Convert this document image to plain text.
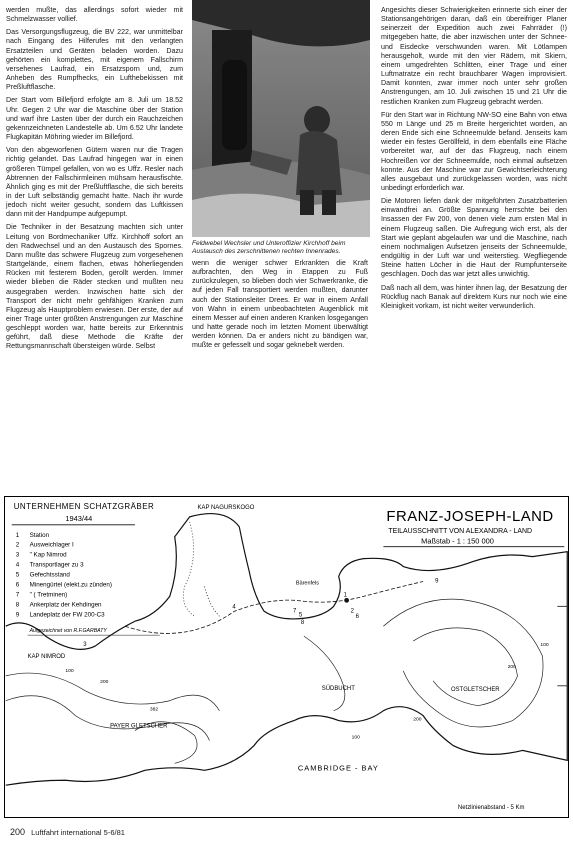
werden mußte, das allerdings sofort wieder mit Schmelzwasser vollief.

Das Versorgungsflugzeug, die BV 222, war unmittelbar nach Eingang des Hilferufes mit den verlangten Ersatzteilen und Geräten beladen worden. Dazu gehörten ein komplettes, mit eigenem Fallschirm versehenes Laufrad, ein Ersatzsporn und, zum Anheben des Rumpfhecks, ein Lufthebekissen mit Preßluftflasche.

Der Start vom Billefjord erfolgte am 8. Juli um 18.52 Uhr. Gegen 2 Uhr war die Maschine über der Station und warf ihre Lasten über der durch ein Rauchzeichen gekennzeichneten Landestelle ab. Um 6.52 Uhr landete Flugkapitän Möhring wieder im Billefjord.

Von den abgeworfenen Gütern waren nur die Tragen richtig gelandet. Das Laufrad hingegen war in einen größeren Tümpel gefallen, von wo es Uffz. Resler nach Abtrennen der Fallschirmleinen mühsam herausfischte. Ähnlich ging es mit der Preßluftflasche, die sich bereits in der Luft selbständig gemacht hatte. Nach ihr wurde jedoch nicht weiter gesucht, sondern das Luftkissen dann mit der Handpumpe aufgepumpt.

Die Techniker in der Besatzung machten sich unter Leitung von Bordmechaniker Uffz. Kirchhoff sofort an den Radwechsel und an den Austausch des Spornes. Dann mußte das schwere Flugzeug zum vorgesehenen Startgelände, einem flachen, etwas höherliegenden Rücken mit festerem Boden, gerollt werden. Immer wieder blieben die Räder stecken und mußten neu ausgegraben werden. Inzwischen hatte sich der Transport der nicht mehr gehfähigen Kranken zum Flugzeug als Hauptproblem erwiesen. Der erste, der auf einer Trage unter größten Anstrengungen zur Maschine geschleppt worden war, hatte bereits zur Erkenntnis geführt, daß diese Methode die Kräfte der Rettungsmannschaft übersteigen würde. Selbst

Feldwebel Wechsler und Unteroffizier Kirchhoff beim Austausch des zerschnittenen rechten Innenrades.

wenn die weniger schwer Erkrankten die Kraft aufbrachten, den Weg in Etappen zu Fuß zurückzulegen, so blieben doch vier Schwerkranke, die auf jeden Fall transportiert werden mußten, darunter auch der Stationsleiter Drees. Er war in einem Anfall von Wahn in einem unbeobachteten Augenblick mit einem Messer auf einen anderen Kranken losgegangen und hatte gerade noch im letzten Moment überwältigt werden können. Da er anders nicht zu bändigen war, mußte er gefesselt und sogar geknebelt werden.

Angesichts dieser Schwierigkeiten erinnerte sich einer der Stationsangehörigen daran, daß ein übereifriger Planer seinerzeit der Expedition auch zwei Fahrräder (!) mitgegeben hatte, die aber inzwischen unter der Schnee- und Eisdecke verschwunden waren. Mit Lötlampen herausgeholt, wurde mit den vier Rädern, mit Skiern, einem umgedrehten Schlitten, einer Trage und einer Luftmatratze ein recht brauchbarer Wagen improvisiert. Damit konnten, zwar immer noch unter sehr großen Anstrengungen, am 10. Juli zwischen 15 und 21 Uhr die restlichen Kranken zum Flugzeug gebracht werden.

Für den Start war in Richtung NW-SO eine Bahn von etwa 550 m Länge und 25 m Breite hergerichtet worden, an deren Ende sich eine Schneemulde befand. Jenseits kam wieder ein festes Geröllfeld, in dem ebenfalls eine Fläche vorbereitet war, auf der das Flugzeug, nach einem Hochreißen vor der Schneemulde, noch einmal aufsetzen konnte. Aus der Maschine war zur Gewichtserleichterung alles ausgebaut und zurückgelassen worden, was nicht unbedingt erforderlich war.

Die Motoren liefen dank der mitgeführten Zusatzbatterien einwandfrei an. Größte Spannung herrschte bei den Insassen der Fw 200, von denen viele zum ersten Mal in einem Flugzeug saßen. Die Aufregung wich erst, als der Start wie geplant abgelaufen war und die Maschine, nach einem nochmaligen Aufsetzen jenseits der Schneemulde, endgültig in der Luft war und weiterstieg. Wegfliegende Steine hatten Löcher in die Haut der Rumpfunterseite geschlagen. Doch das war jetzt alles unwichtig.

Daß nach all dem, was hinter ihnen lag, der Besatzung der Rückflug nach Banak auf direktem Kurs nur noch wie eine Kleinigkeit vorkam, ist nicht weiter verwunderlich.

UNTERNEHMEN SCHATZGRÄBER
1943/44
1 Station
2 Ausweichlager I
3 " Kap Nimrod
4 Transportlager zu 3
5 Gefechtsstand
6 Minengürtel (elekt.zu zünden)
7 " ( Tretminen)
8 Ankerplatz der Kehdingen
9 Landeplatz der FW 200-C3
Aufgezeichnet von R.F.GARBATY
FRANZ-JOSEPH-LAND
TEILAUSSCHNITT VON ALEXANDRA - LAND
Maßstab - 1 : 150 000
KAP NAGURSKOGO
KAP NIMROD
Bärenfels
SÜDBUCHT	OSTGLETSCHER
PAYER GLETSCHER
CAMBRIDGE - BAY
100
200
382
100
200
100
200
Netzlinienabstand - 5 Km
1
2
3
4
5	6
7
8
9
200 Luftfahrt international 5-6/81
